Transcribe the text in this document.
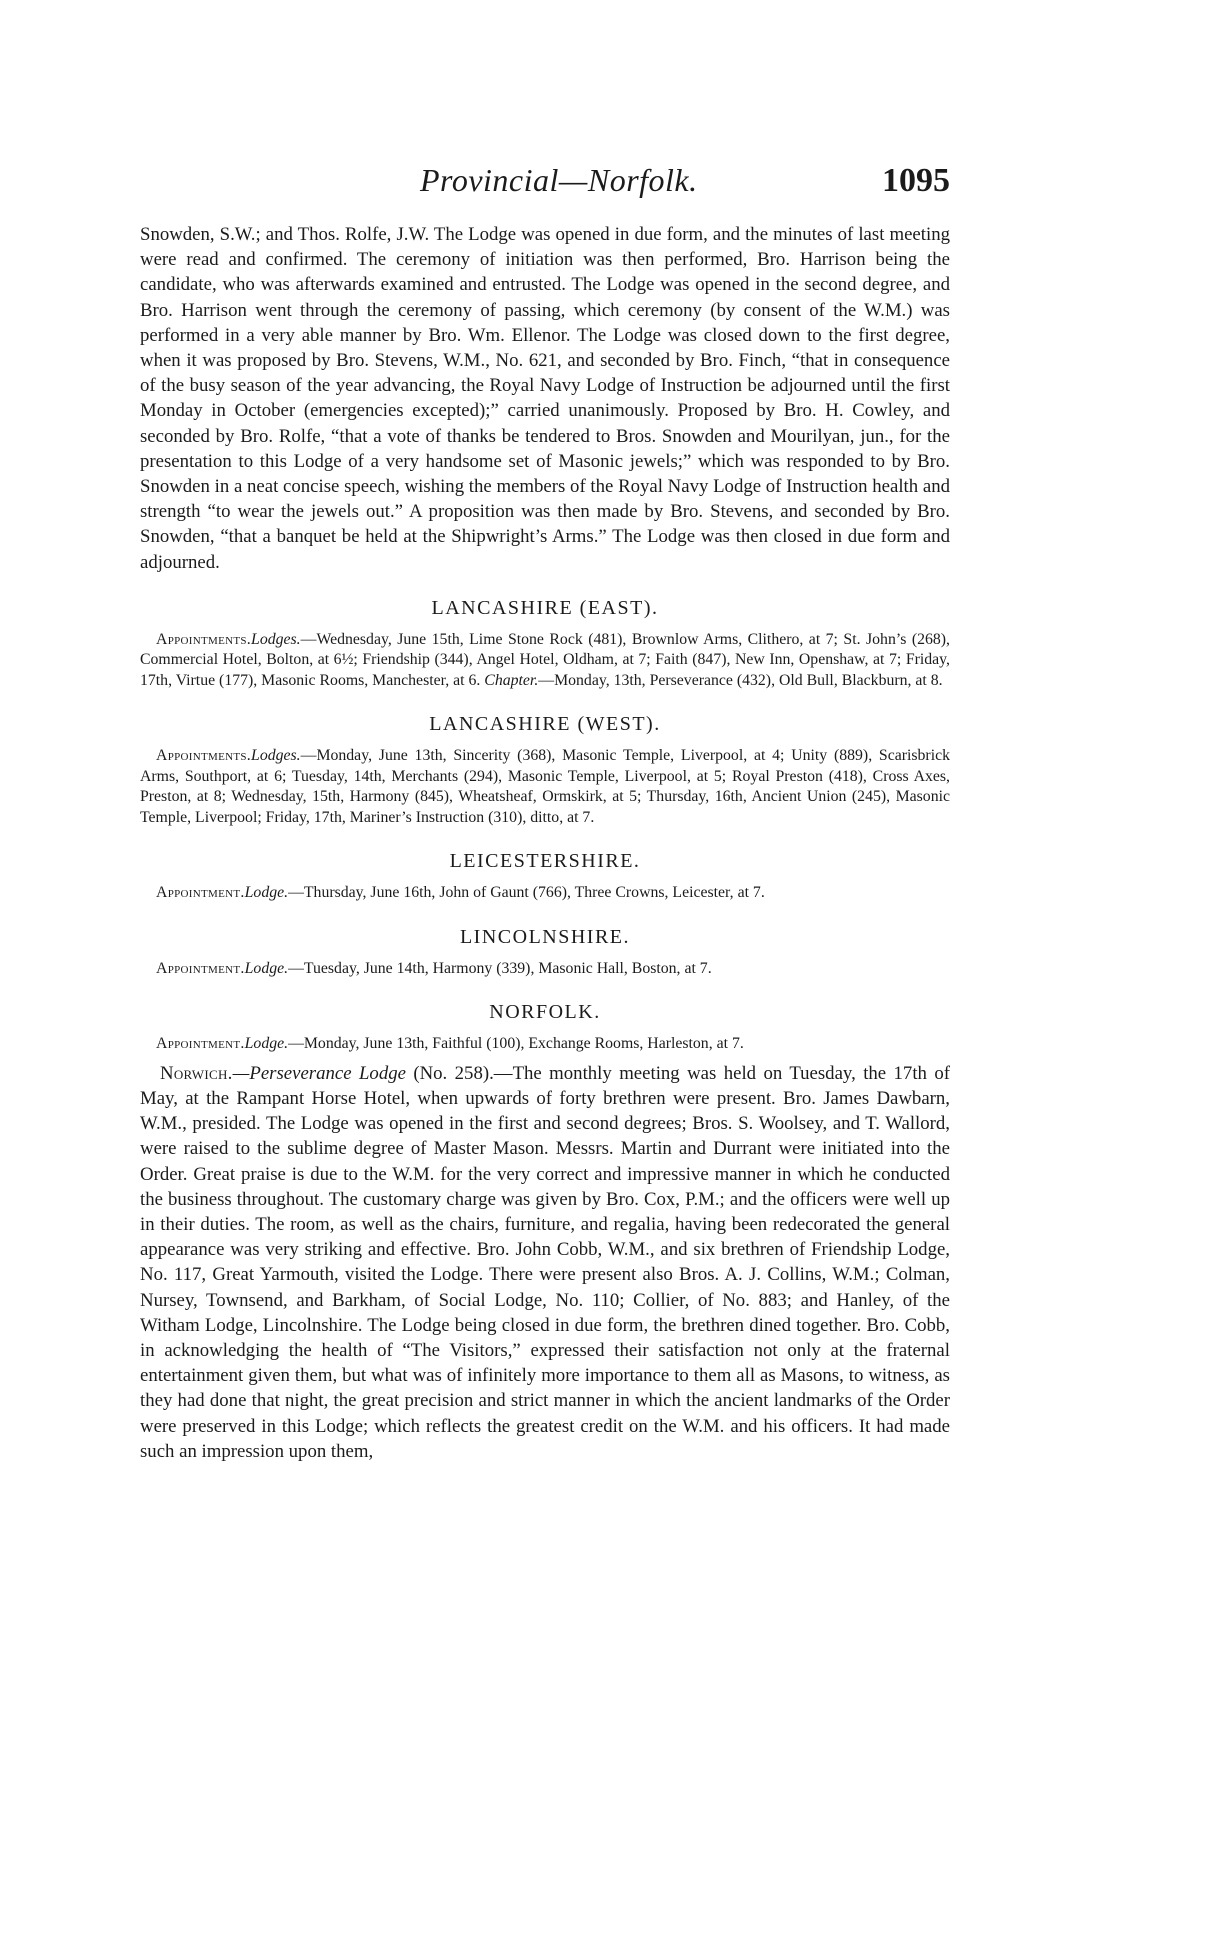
Provincial—Norfolk.	1095

Snowden, S.W.; and Thos. Rolfe, J.W. The Lodge was opened in due form, and the minutes of last meeting were read and confirmed. The ceremony of initiation was then performed, Bro. Harrison being the candidate, who was afterwards examined and entrusted. The Lodge was opened in the second degree, and Bro. Harrison went through the ceremony of passing, which ceremony (by consent of the W.M.) was performed in a very able manner by Bro. Wm. Ellenor. The Lodge was closed down to the first degree, when it was proposed by Bro. Stevens, W.M., No. 621, and seconded by Bro. Finch, “that in consequence of the busy season of the year advancing, the Royal Navy Lodge of Instruction be adjourned until the first Monday in October (emergencies excepted);” carried unanimously. Proposed by Bro. H. Cowley, and seconded by Bro. Rolfe, “that a vote of thanks be tendered to Bros. Snowden and Mourilyan, jun., for the presentation to this Lodge of a very handsome set of Masonic jewels;” which was responded to by Bro. Snowden in a neat concise speech, wishing the members of the Royal Navy Lodge of Instruction health and strength “to wear the jewels out.” A proposition was then made by Bro. Stevens, and seconded by Bro. Snowden, “that a banquet be held at the Shipwright’s Arms.” The Lodge was then closed in due form and adjourned.

LANCASHIRE (EAST).

Appointments.Lodges.—Wednesday, June 15th, Lime Stone Rock (481), Brownlow Arms, Clithero, at 7; St. John’s (268), Commercial Hotel, Bolton, at 6½; Friendship (344), Angel Hotel, Oldham, at 7; Faith (847), New Inn, Openshaw, at 7; Friday, 17th, Virtue (177), Masonic Rooms, Manchester, at 6. Chapter.—Monday, 13th, Perseverance (432), Old Bull, Blackburn, at 8.

LANCASHIRE (WEST).

Appointments.Lodges.—Monday, June 13th, Sincerity (368), Masonic Temple, Liverpool, at 4; Unity (889), Scarisbrick Arms, Southport, at 6; Tuesday, 14th, Merchants (294), Masonic Temple, Liverpool, at 5; Royal Preston (418), Cross Axes, Preston, at 8; Wednesday, 15th, Harmony (845), Wheatsheaf, Ormskirk, at 5; Thursday, 16th, Ancient Union (245), Masonic Temple, Liverpool; Friday, 17th, Mariner’s Instruction (310), ditto, at 7.

LEICESTERSHIRE.

Appointment.Lodge.—Thursday, June 16th, John of Gaunt (766), Three Crowns, Leicester, at 7.

LINCOLNSHIRE.

Appointment.Lodge.—Tuesday, June 14th, Harmony (339), Masonic Hall, Boston, at 7.

NORFOLK.

Appointment.Lodge.—Monday, June 13th, Faithful (100), Exchange Rooms, Harleston, at 7.

Norwich.—Perseverance Lodge (No. 258).—The monthly meeting was held on Tuesday, the 17th of May, at the Rampant Horse Hotel, when upwards of forty brethren were present. Bro. James Dawbarn, W.M., presided. The Lodge was opened in the first and second degrees; Bros. S. Woolsey, and T. Wallord, were raised to the sublime degree of Master Mason. Messrs. Martin and Durrant were initiated into the Order. Great praise is due to the W.M. for the very correct and impressive manner in which he conducted the business throughout. The customary charge was given by Bro. Cox, P.M.; and the officers were well up in their duties. The room, as well as the chairs, furniture, and regalia, having been redecorated the general appearance was very striking and effective. Bro. John Cobb, W.M., and six brethren of Friendship Lodge, No. 117, Great Yarmouth, visited the Lodge. There were present also Bros. A. J. Collins, W.M.; Colman, Nursey, Townsend, and Barkham, of Social Lodge, No. 110; Collier, of No. 883; and Hanley, of the Witham Lodge, Lincolnshire. The Lodge being closed in due form, the brethren dined together. Bro. Cobb, in acknowledging the health of “The Visitors,” expressed their satisfaction not only at the fraternal entertainment given them, but what was of infinitely more importance to them all as Masons, to witness, as they had done that night, the great precision and strict manner in which the ancient landmarks of the Order were preserved in this Lodge; which reflects the greatest credit on the W.M. and his officers. It had made such an impression upon them,
